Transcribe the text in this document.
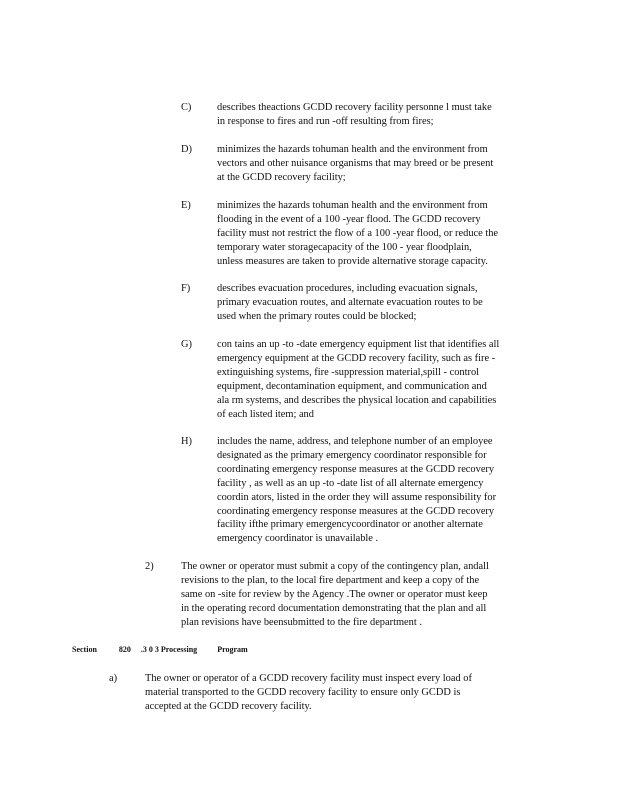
C) describes theactions GCDD recovery facility personne l must take
in response to fires and run -off resulting from fires;
D) minimizes the hazards tohuman health and the environment from
vectors and other nuisance organisms that may breed or be present
at the GCDD recovery facility;
E)	minimizes the hazards tohuman health and the environment from
flooding in the event of a 100 -year flood. The GCDD recovery
facility must not restrict the flow of a 100 -year flood, or reduce the
temporary water storagecapacity of the 100 - year floodplain,
unless measures are taken to provide alternative storage capacity.
F)	describes evacuation procedures, including evacuation signals,
primary evacuation routes, and alternate evacuation routes to be
used when the primary routes could be blocked;
G) con tains an up -to -date emergency equipment list that identifies all
emergency equipment at the GCDD recovery facility, such as fire -
extinguishing systems, fire -suppression material,spill - control
equipment, decontamination equipment, and communication and
ala rm systems, and describes the physical location and capabilities
of each listed item; and
H) includes the name, address, and telephone number of an employee
designated as the primary emergency coordinator responsible for
coordinating emergency response measures at the GCDD recovery
facility , as well as an up -to -date list of all alternate emergency
coordin ators, listed in the order they will assume responsibility for
coordinating emergency response measures at the GCDD recovery
facility ifthe primary emergencycoordinator or another alternate
emergency coordinator is unavailable .
2)	The owner or operator must submit a copy of the contingency plan, andall
revisions to the plan, to the local fire department and keep a copy of the
same on -site for review by the Agency .The owner or operator must keep
in the operating record documentation demonstrating that the plan and all
plan revisions have beensubmitted to the fire department .
Section	820 .3 0 3 Processing	Program
a)	The owner or operator of a GCDD recovery facility must inspect every load of
material transported to the GCDD recovery facility to ensure only GCDD is
accepted at the GCDD recovery facility.
